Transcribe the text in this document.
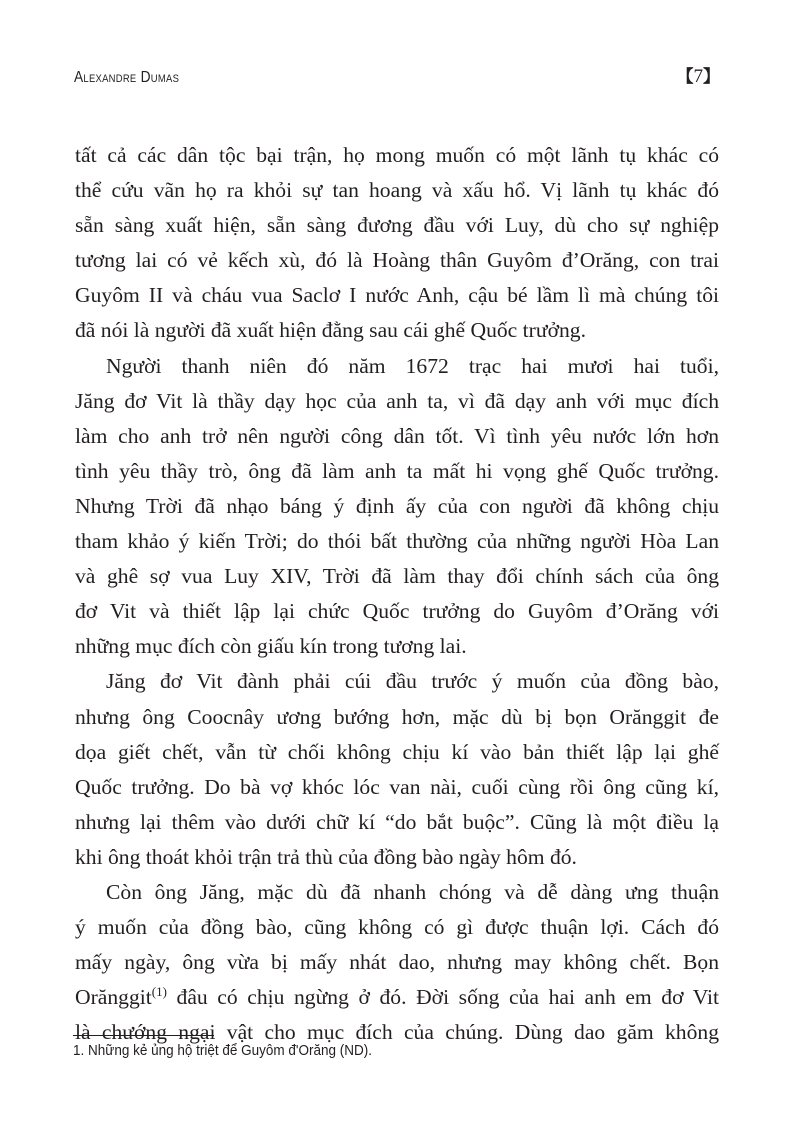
Alexandre Dumas	【7】
tất cả các dân tộc bại trận, họ mong muốn có một lãnh tụ khác có
thể cứu vãn họ ra khỏi sự tan hoang và xấu hổ. Vị lãnh tụ khác đó
sẵn sàng xuất hiện, sẵn sàng đương đầu với Luy, dù cho sự nghiệp
tương lai có vẻ kếch xù, đó là Hoàng thân Guyôm đ’Orăng, con trai
Guyôm II và cháu vua Saclơ I nước Anh, cậu bé lầm lì mà chúng tôi
đã nói là người đã xuất hiện đằng sau cái ghế Quốc trưởng.
Người thanh niên đó năm 1672 trạc hai mươi hai tuổi,
Jăng đơ Vit là thầy dạy học của anh ta, vì đã dạy anh với mục đích
làm cho anh trở nên người công dân tốt. Vì tình yêu nước lớn hơn
tình yêu thầy trò, ông đã làm anh ta mất hi vọng ghế Quốc trưởng.
Nhưng Trời đã nhạo báng ý định ấy của con người đã không chịu
tham khảo ý kiến Trời; do thói bất thường của những người Hòa Lan
và ghê sợ vua Luy XIV, Trời đã làm thay đổi chính sách của ông
đơ Vit và thiết lập lại chức Quốc trưởng do Guyôm đ’Orăng với
những mục đích còn giấu kín trong tương lai.
Jăng đơ Vit đành phải cúi đầu trước ý muốn của đồng bào,
nhưng ông Coocnây ương bướng hơn, mặc dù bị bọn Orănggit đe
dọa giết chết, vẫn từ chối không chịu kí vào bản thiết lập lại ghế
Quốc trưởng. Do bà vợ khóc lóc van nài, cuối cùng rồi ông cũng kí,
nhưng lại thêm vào dưới chữ kí “do bắt buộc”. Cũng là một điều lạ
khi ông thoát khỏi trận trả thù của đồng bào ngày hôm đó.
Còn ông Jăng, mặc dù đã nhanh chóng và dễ dàng ưng thuận
ý muốn của đồng bào, cũng không có gì được thuận lợi. Cách đó
mấy ngày, ông vừa bị mấy nhát dao, nhưng may không chết. Bọn
Orănggit$^{(1)}$ đâu có chịu ngừng ở đó. Đời sống của hai anh em đơ Vit
là chướng ngại vật cho mục đích của chúng. Dùng dao găm không
1. Những kẻ ủng hộ triệt để Guyôm đ'Orăng (ND).
